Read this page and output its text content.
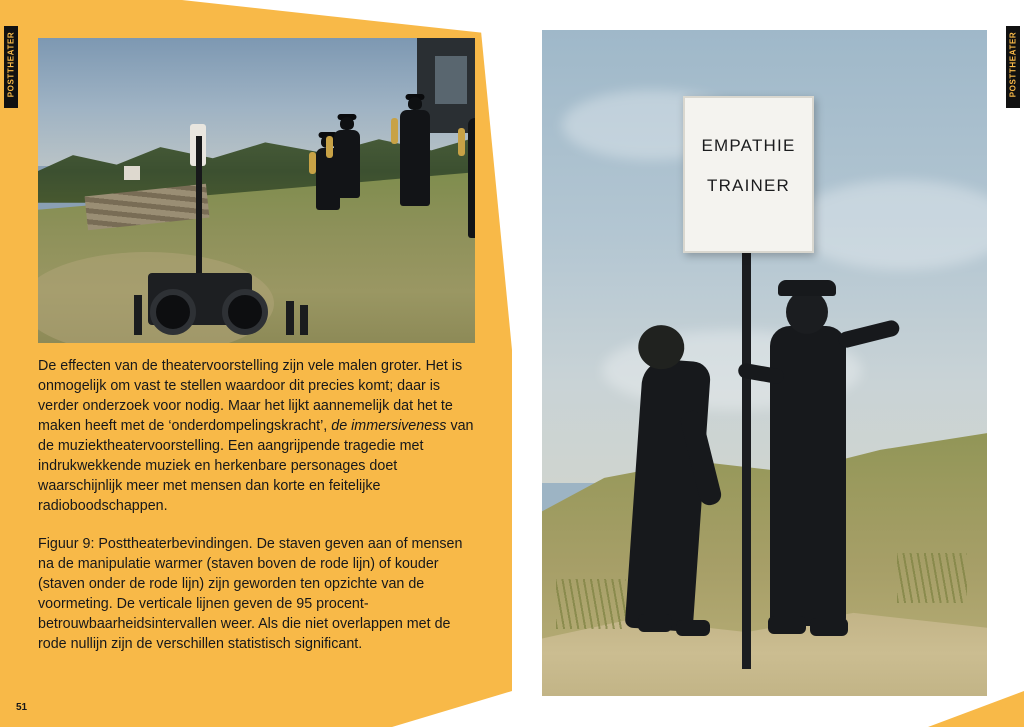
POSTTHEATER

De effecten van de theatervoorstelling zijn vele malen groter. Het is onmogelijk om vast te stellen waardoor dit precies komt; daar is verder onderzoek voor nodig. Maar het lijkt aannemelijk dat het te maken heeft met de ‘onderdompelingskracht’, de immersiveness van de muziektheatervoorstelling. Een aangrijpende tragedie met indrukwekkende muziek en herkenbare personages doet waarschijnlijk meer met mensen dan korte en feitelijke radioboodschappen.

Figuur 9: Posttheaterbevindingen. De staven geven aan of mensen na de manipulatie warmer (staven boven de rode lijn) of kouder (staven onder de rode lijn) zijn geworden ten opzichte van de voormeting. De verticale lijnen geven de 95 procent-betrouwbaarheidsintervallen weer. Als die niet overlappen met de rode nullijn zijn de verschillen statistisch significant.

51
POSTTHEATER
EMPATHIE
TRAINER
52
